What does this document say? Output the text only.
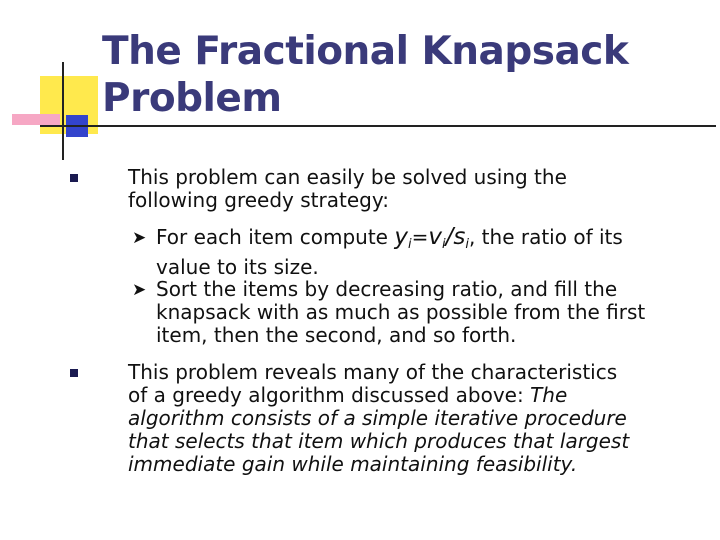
The Fractional Knapsack
Problem
This problem can easily be solved using the
following greedy strategy:
➤ For each item compute $y_i=v_i/s_i$, the ratio of its
value to its size.
➤ Sort the items by decreasing ratio, and fill the
knapsack with as much as possible from the first
item, then the second, and so forth.
This problem reveals many of the characteristics
of a greedy algorithm discussed above: The
algorithm consists of a simple iterative procedure
that selects that item which produces that largest
immediate gain while maintaining feasibility.
